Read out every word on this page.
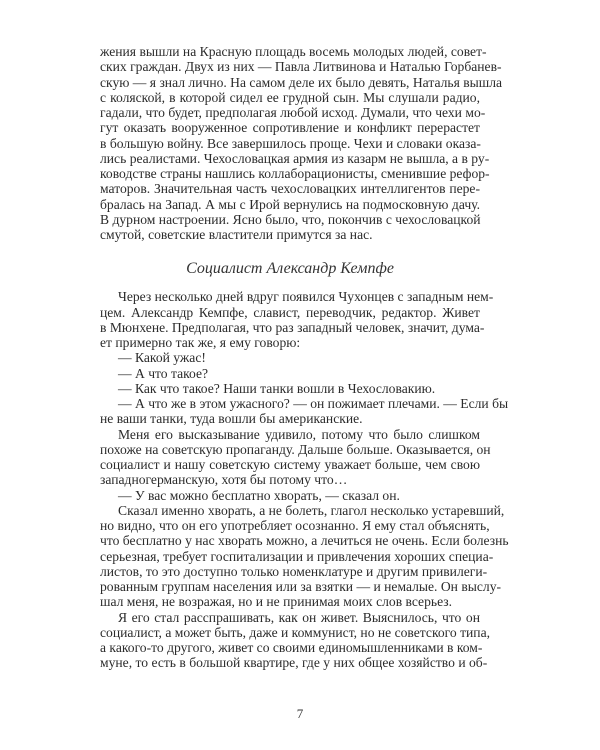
жения вышли на Красную площадь восемь молодых людей, совет-
ских граждан. Двух из них — Павла Литвинова и Наталью Горбанев-
скую — я знал лично. На самом деле их было девять, Наталья вышла
с коляской, в которой сидел ее грудной сын. Мы слушали радио,
гадали, что будет, предполагая любой исход. Думали, что чехи мо-
гут оказать вооруженное сопротивление и конфликт перерастет
в большую войну. Все завершилось проще. Чехи и словаки оказа-
лись реалистами. Чехословацкая армия из казарм не вышла, а в ру-
ководстве страны нашлись коллаборационисты, сменившие рефор-
маторов. Значительная часть чехословацких интеллигентов пере-
бралась на Запад. А мы с Ирой вернулись на подмосковную дачу.
В дурном настроении. Ясно было, что, покончив с чехословацкой
смутой, советские властители примутся за нас.
Социалист Александр Кемпфе
Через несколько дней вдруг появился Чухонцев с западным нем-
цем. Александр Кемпфе, славист, переводчик, редактор. Живет
в Мюнхене. Предполагая, что раз западный человек, значит, дума-
ет примерно так же, я ему говорю:
— Какой ужас!
— А что такое?
— Как что такое? Наши танки вошли в Чехословакию.
— А что же в этом ужасного? — он пожимает плечами. — Если бы
не ваши танки, туда вошли бы американские.
Меня его высказывание удивило, потому что было слишком
похоже на советскую пропаганду. Дальше больше. Оказывается, он
социалист и нашу советскую систему уважает больше, чем свою
западногерманскую, хотя бы потому что…
— У вас можно бесплатно хворать, — сказал он.
Сказал именно хворать, а не болеть, глагол несколько устаревший,
но видно, что он его употребляет осознанно. Я ему стал объяснять,
что бесплатно у нас хворать можно, а лечиться не очень. Если болезнь
серьезная, требует госпитализации и привлечения хороших специа-
листов, то это доступно только номенклатуре и другим привилеги-
рованным группам населения или за взятки — и немалые. Он выслу-
шал меня, не возражая, но и не принимая моих слов всерьез.
Я его стал расспрашивать, как он живет. Выяснилось, что он
социалист, а может быть, даже и коммунист, но не советского типа,
а какого-то другого, живет со своими единомышленниками в ком-
муне, то есть в большой квартире, где у них общее хозяйство и об-
7
